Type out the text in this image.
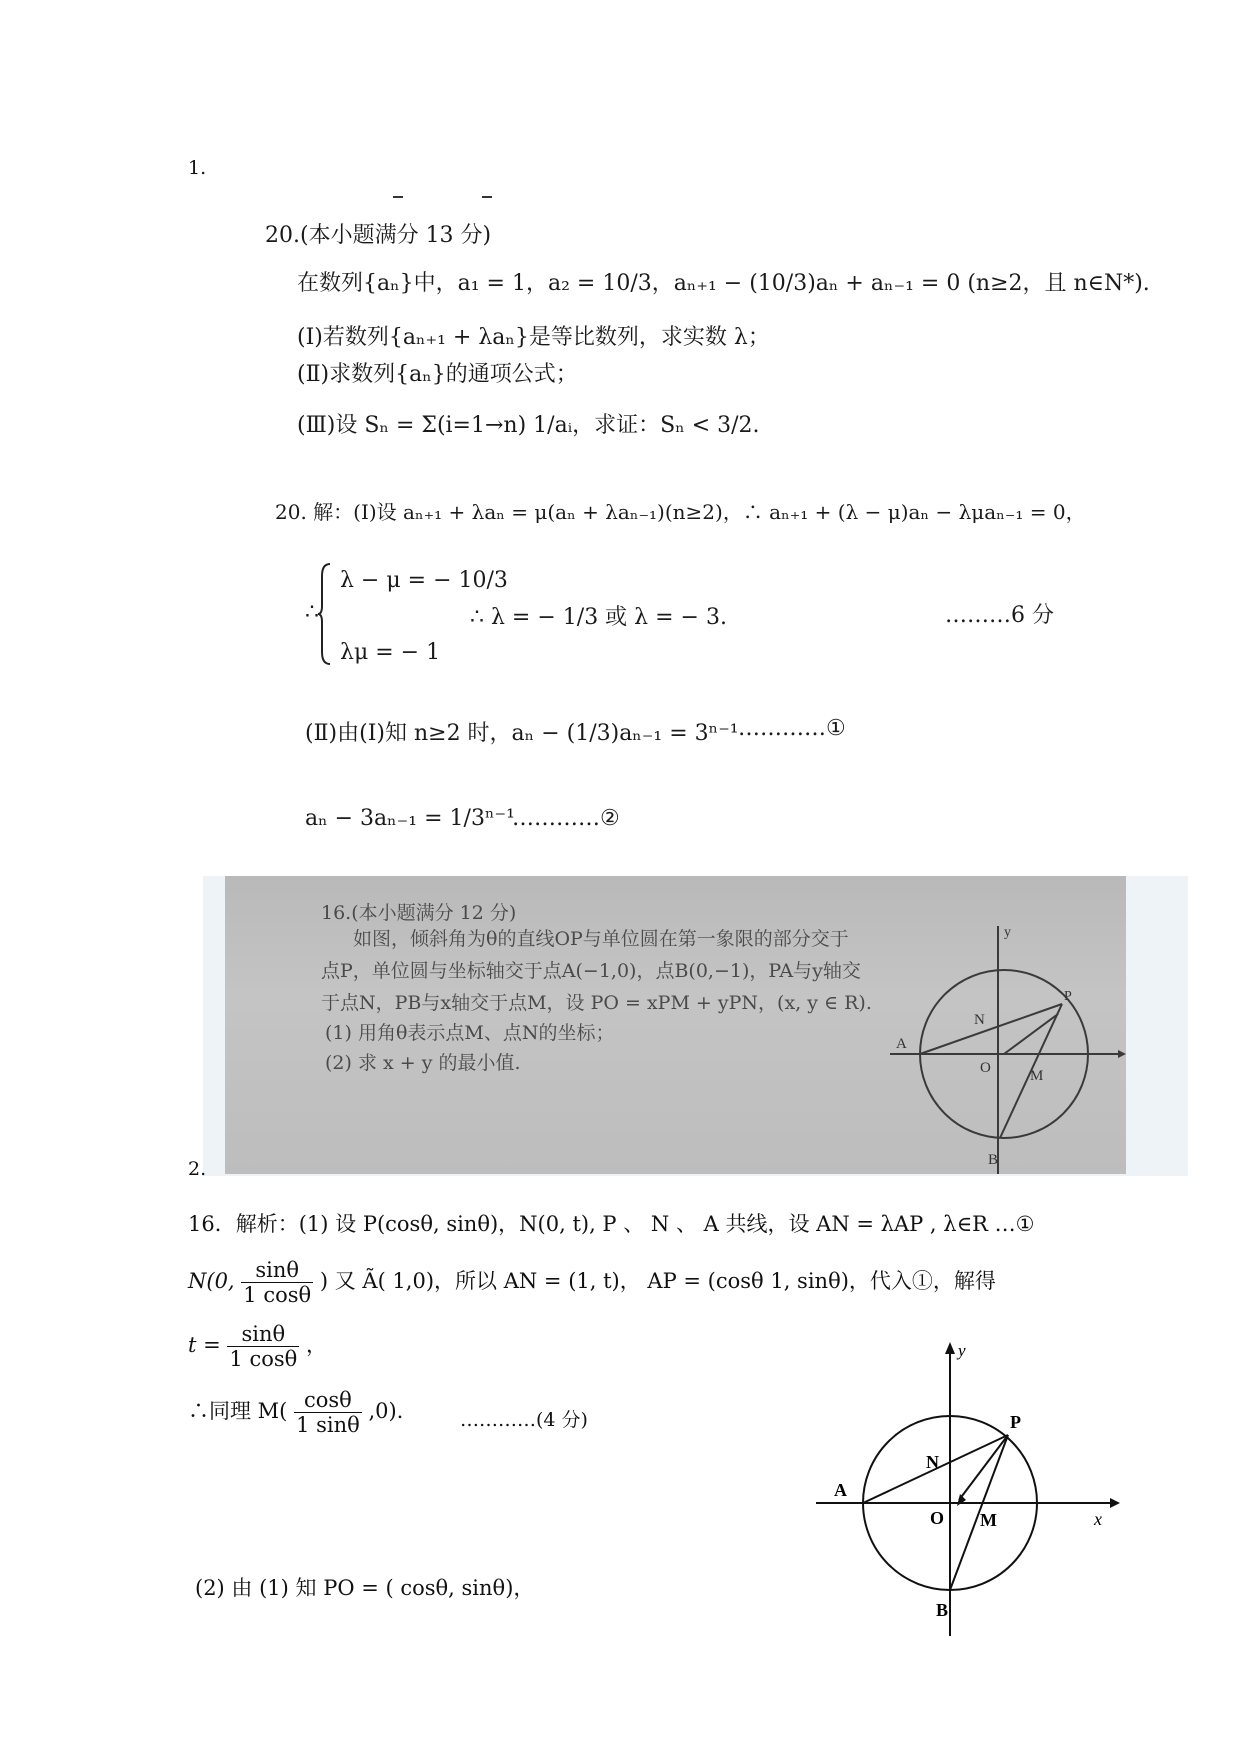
1.
20.(本小题满分 13 分)
在数列{aₙ}中，a₁ = 1，a₂ = 10/3，aₙ₊₁ − (10/3)aₙ + aₙ₋₁ = 0 (n≥2，且 n∈N*).
(Ⅰ)若数列{aₙ₊₁ + λaₙ}是等比数列，求实数 λ；
(Ⅱ)求数列{aₙ}的通项公式；
(Ⅲ)设 Sₙ = Σ(i=1→n) 1/aᵢ，求证：Sₙ < 3/2.
20. 解：(Ⅰ)设 aₙ₊₁ + λaₙ = μ(aₙ + λaₙ₋₁)(n≥2)，∴ aₙ₊₁ + (λ − μ)aₙ − λμaₙ₋₁ = 0，
∴
λ − μ = − 10/3
λμ = − 1
∴ λ = − 1/3 或 λ = − 3.	………6 分
(Ⅱ)由(Ⅰ)知 n≥2 时，aₙ − (1/3)aₙ₋₁ = 3ⁿ⁻¹ …………①
aₙ − 3aₙ₋₁ = 1/3ⁿ⁻¹
…………②
16.(本小题满分 12 分)
如图，倾斜角为θ的直线OP与单位圆在第一象限的部分交于
点P，单位圆与坐标轴交于点A(−1,0)，点B(0,−1)，PA与y轴交
于点N，PB与x轴交于点M，设 PO = xPM + yPN，(x, y ∈ R).
(1) 用角θ表示点M、点N的坐标；
(2) 求 x + y 的最小值.
y
N
A
O	M
B
P
2.
16．解析：(1) 设 P(cosθ, sinθ)，N(0, t), P 、 N 、 A 共线，设 AN = λAP , λ∈R …①
N(0, $\frac{\sin\theta}{1 \cos\theta}$ ) 又 Ã( 1,0)，所以 AN = (1, t)， AP = (cosθ 1, sinθ)，代入①，解得
$t = \frac{\sin\theta}{1 \cos\theta}$ ，
∴同理 $M( \frac{\cos\theta}{1 \sin\theta} ,0)$.	…………(4 分)
(2) 由 (1) 知 PO = ( cosθ, sinθ)，
y
P
N
A
O M	x
B
